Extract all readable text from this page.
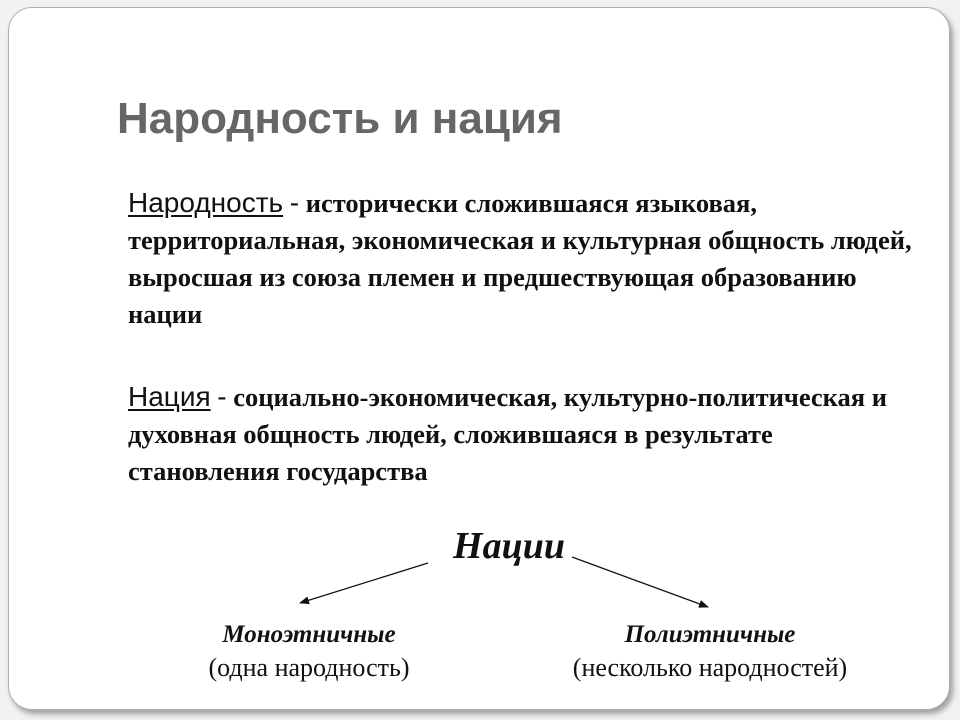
Народность и нация

Народность - исторически сложившаяся языковая, территориальная, экономическая и культурная общность людей, выросшая из союза племен и предшествующая образованию нации

Нация - социально-экономическая, культурно-политическая и духовная общность людей, сложившаяся в результате становления государства

Нации
Моноэтничные
(одна народность)
Полиэтничные
(несколько народностей)
